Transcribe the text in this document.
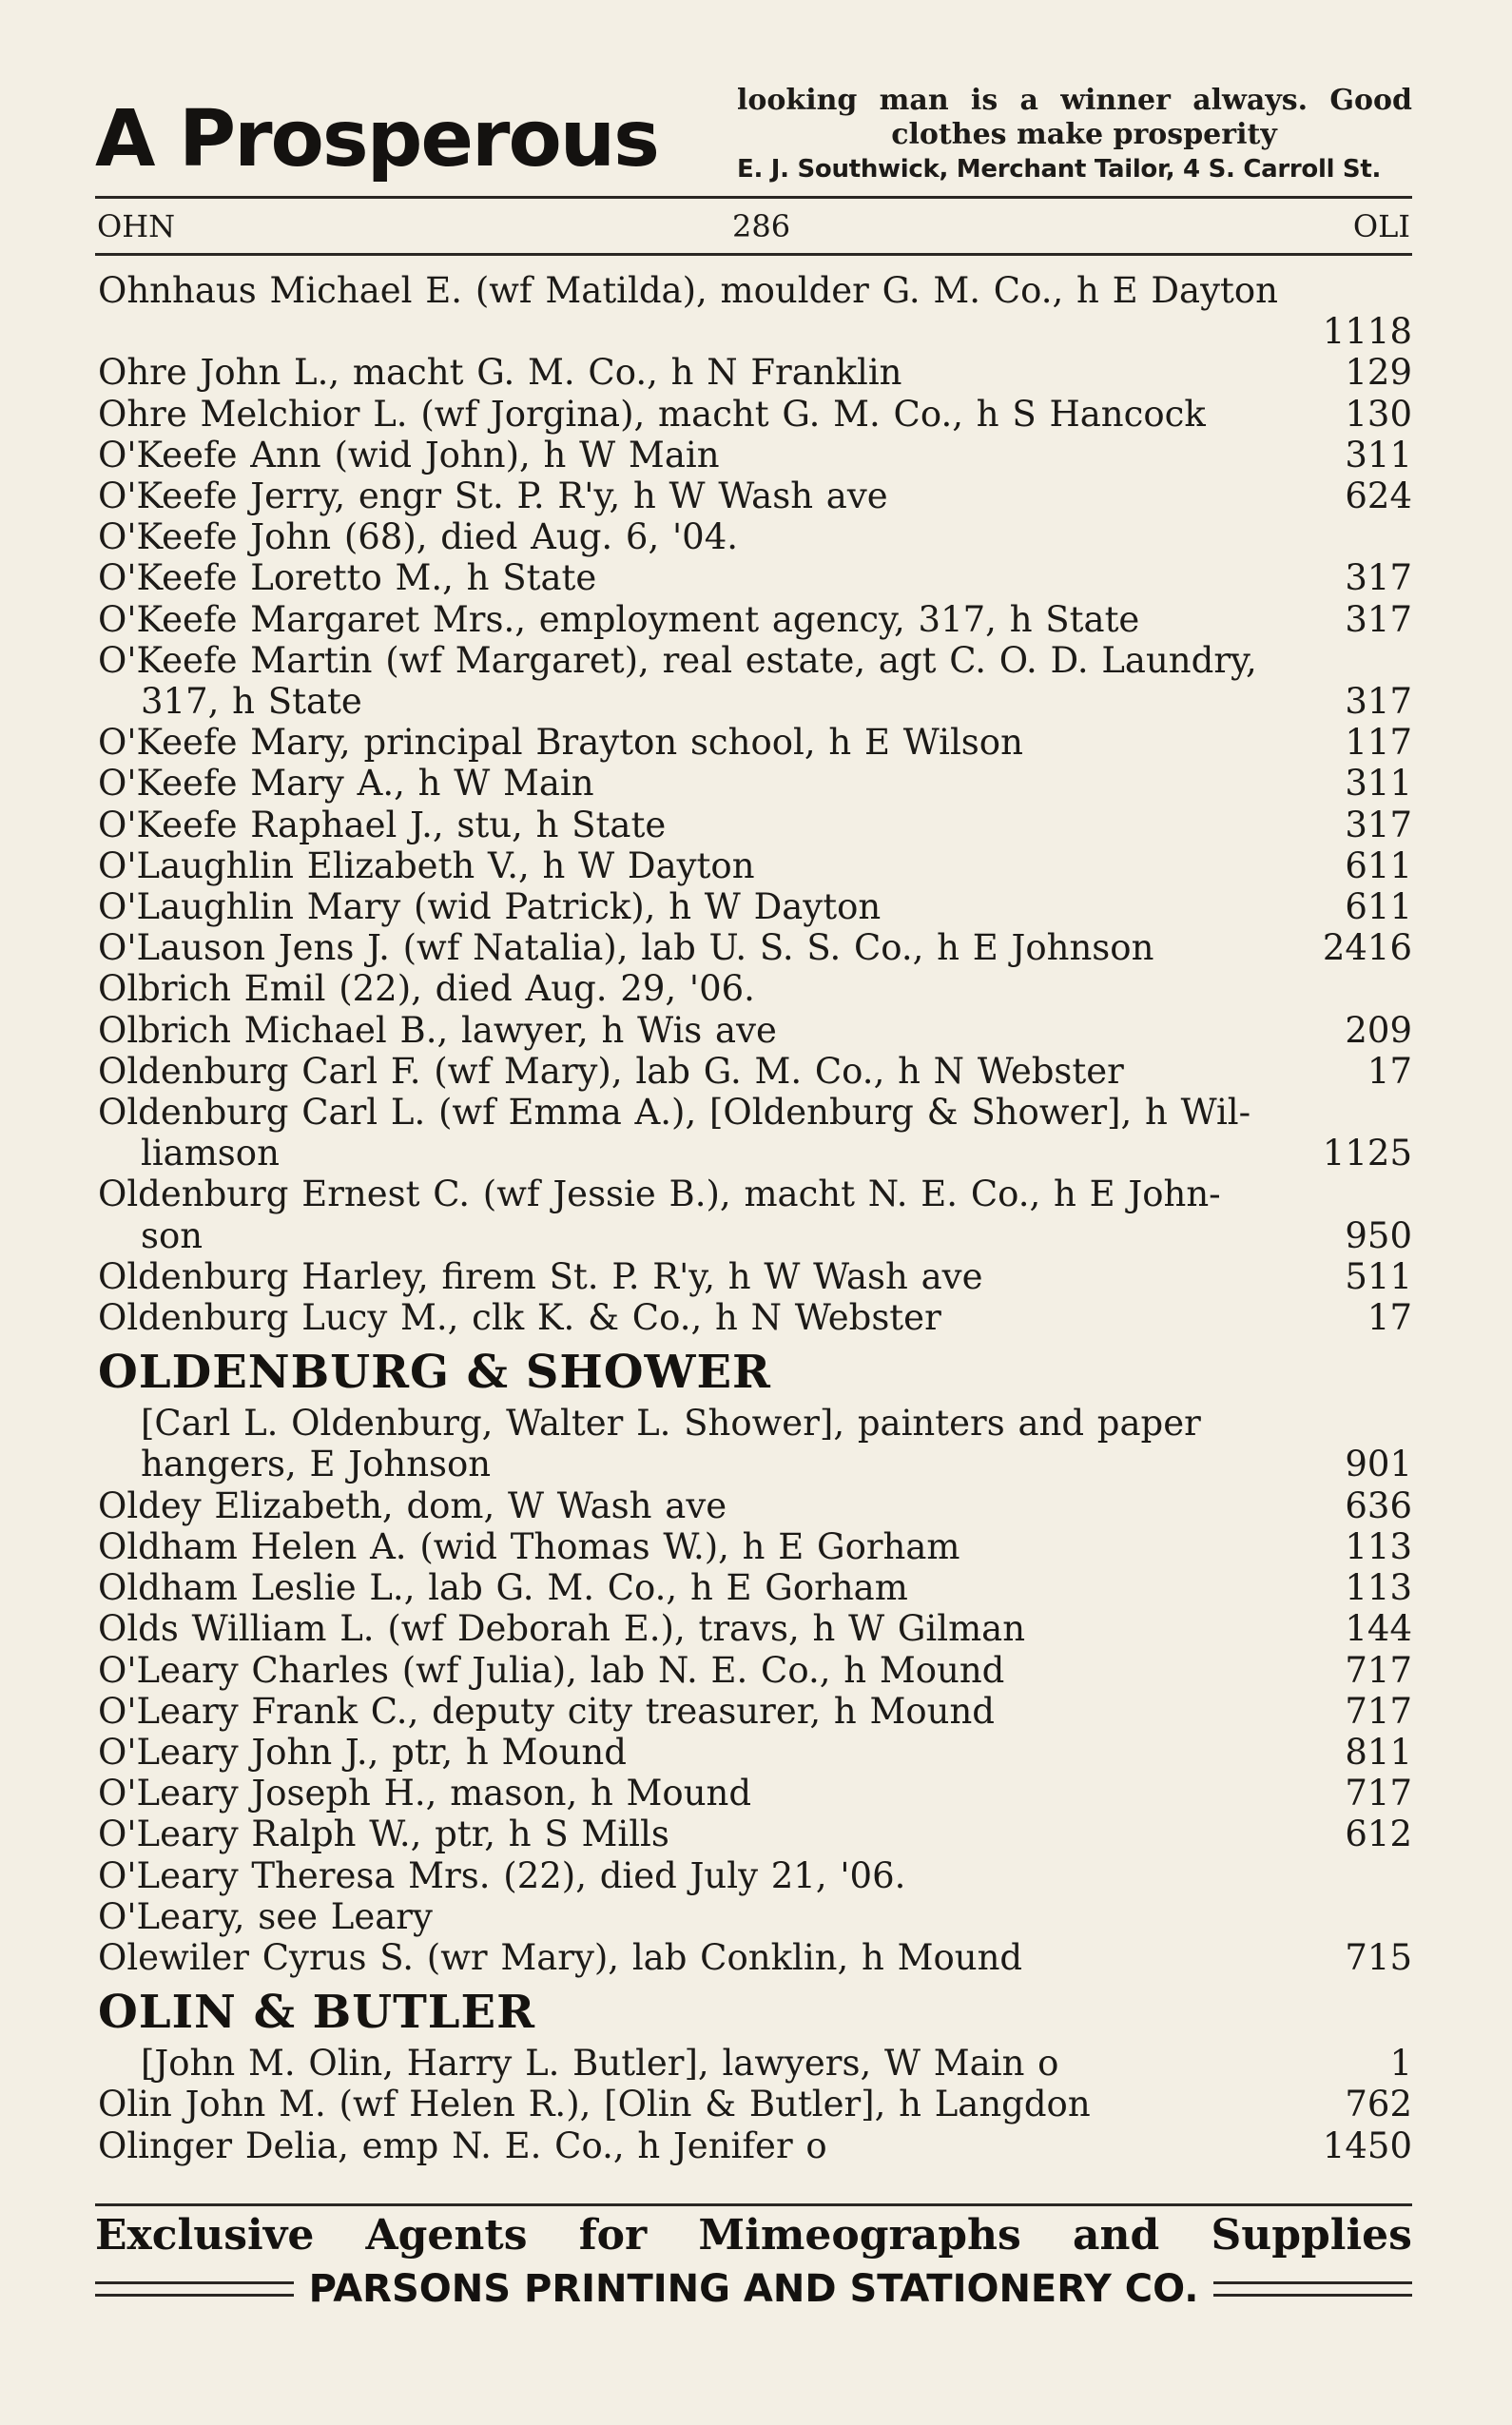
A Prosperous	looking man is a winner always. Good
clothes make prosperity
E. J. Southwick, Merchant Tailor, 4 S. Carroll St.
OHN	286	OLI
Ohnhaus Michael E. (wf Matilda), moulder G. M. Co., h E Dayton
1118
Ohre John L., macht G. M. Co., h N Franklin	129
Ohre Melchior L. (wf Jorgina), macht G. M. Co., h S Hancock	130
O'Keefe Ann (wid John), h W Main	311
O'Keefe Jerry, engr St. P. R'y, h W Wash ave	624
O'Keefe John (68), died Aug. 6, '04.
O'Keefe Loretto M., h State	317
O'Keefe Margaret Mrs., employment agency, 317, h State	317
O'Keefe Martin (wf Margaret), real estate, agt C. O. D. Laundry,
317, h State	317
O'Keefe Mary, principal Brayton school, h E Wilson	117
O'Keefe Mary A., h W Main	311
O'Keefe Raphael J., stu, h State	317
O'Laughlin Elizabeth V., h W Dayton	611
O'Laughlin Mary (wid Patrick), h W Dayton	611
O'Lauson Jens J. (wf Natalia), lab U. S. S. Co., h E Johnson	2416
Olbrich Emil (22), died Aug. 29, '06.
Olbrich Michael B., lawyer, h Wis ave	209
Oldenburg Carl F. (wf Mary), lab G. M. Co., h N Webster	17
Oldenburg Carl L. (wf Emma A.), [Oldenburg & Shower], h Wil-
liamson	1125
Oldenburg Ernest C. (wf Jessie B.), macht N. E. Co., h E John-
son	950
Oldenburg Harley, firem St. P. R'y, h W Wash ave	511
Oldenburg Lucy M., clk K. & Co., h N Webster	17
OLDENBURG & SHOWER
[Carl L. Oldenburg, Walter L. Shower], painters and paper
hangers, E Johnson	901
Oldey Elizabeth, dom, W Wash ave	636
Oldham Helen A. (wid Thomas W.), h E Gorham	113
Oldham Leslie L., lab G. M. Co., h E Gorham	113
Olds William L. (wf Deborah E.), travs, h W Gilman	144
O'Leary Charles (wf Julia), lab N. E. Co., h Mound	717
O'Leary Frank C., deputy city treasurer, h Mound	717
O'Leary John J., ptr, h Mound	811
O'Leary Joseph H., mason, h Mound	717
O'Leary Ralph W., ptr, h S Mills	612
O'Leary Theresa Mrs. (22), died July 21, '06.
O'Leary, see Leary
Olewiler Cyrus S. (wr Mary), lab Conklin, h Mound	715
OLIN & BUTLER
[John M. Olin, Harry L. Butler], lawyers, W Main o	1
Olin John M. (wf Helen R.), [Olin & Butler], h Langdon	762
Olinger Delia, emp N. E. Co., h Jenifer o	1450
Exclusive Agents for Mimeographs and Supplies
PARSONS PRINTING AND STATIONERY CO.
